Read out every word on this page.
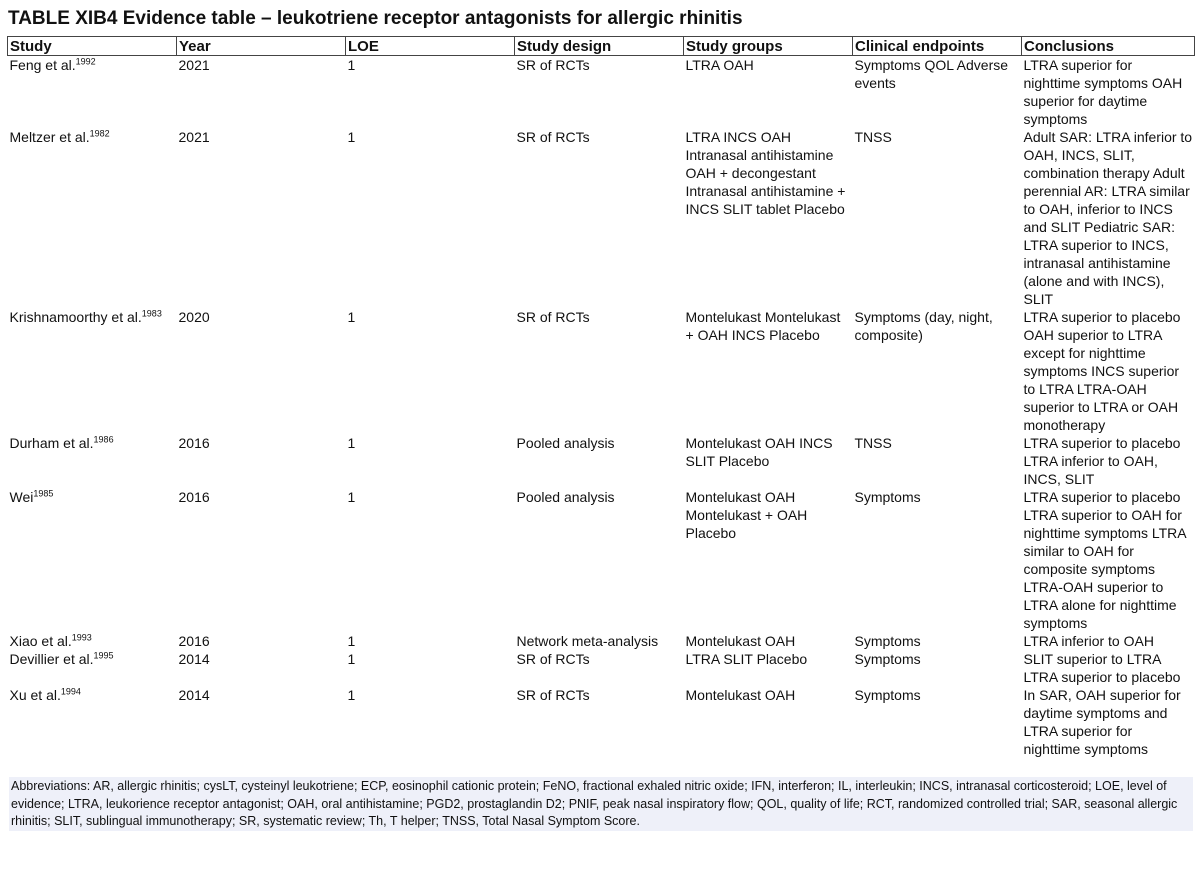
TABLE XIB4 Evidence table – leukotriene receptor antagonists for allergic rhinitis
Study	Year	LOE	Study design	Study groups	Clinical endpoints	Conclusions
Feng et al.$^{1992}$	2021	1	SR of RCTs	LTRA OAH	Symptoms QOL Adverse events	LTRA superior for nighttime symptoms OAH superior for daytime symptoms
Meltzer et al.$^{1982}$	2021	1	SR of RCTs	LTRA INCS OAH Intranasal antihistamine OAH + decongestant Intranasal antihistamine + INCS SLIT tablet Placebo	TNSS	Adult SAR: LTRA inferior to OAH, INCS, SLIT, combination therapy Adult perennial AR: LTRA similar to OAH, inferior to INCS and SLIT Pediatric SAR: LTRA superior to INCS, intranasal antihistamine (alone and with INCS), SLIT
Krishnamoorthy et al.$^{1983}$	2020	1	SR of RCTs	Montelukast Montelukast + OAH INCS Placebo	Symptoms (day, night, composite)	LTRA superior to placebo OAH superior to LTRA except for nighttime symptoms INCS superior to LTRA LTRA-OAH superior to LTRA or OAH monotherapy
Durham et al.$^{1986}$	2016	1	Pooled analysis	Montelukast OAH INCS SLIT Placebo	TNSS	LTRA superior to placebo LTRA inferior to OAH, INCS, SLIT
Wei$^{1985}$	2016	1	Pooled analysis	Montelukast OAH Montelukast + OAH Placebo	Symptoms	LTRA superior to placebo LTRA superior to OAH for nighttime symptoms LTRA similar to OAH for composite symptoms LTRA-OAH superior to LTRA alone for nighttime symptoms
Xiao et al.$^{1993}$	2016	1	Network meta-analysis	Montelukast OAH	Symptoms	LTRA inferior to OAH
Devillier et al.$^{1995}$	2014	1	SR of RCTs	LTRA SLIT Placebo	Symptoms	SLIT superior to LTRA LTRA superior to placebo
Xu et al.$^{1994}$	2014	1	SR of RCTs	Montelukast OAH	Symptoms	In SAR, OAH superior for daytime symptoms and LTRA superior for nighttime symptoms
Abbreviations: AR, allergic rhinitis; cysLT, cysteinyl leukotriene; ECP, eosinophil cationic protein; FeNO, fractional exhaled nitric oxide; IFN, interferon; IL, interleukin; INCS, intranasal corticosteroid; LOE, level of evidence; LTRA, leukorience receptor antagonist; OAH, oral antihistamine; PGD2, prostaglandin D2; PNIF, peak nasal inspiratory flow; QOL, quality of life; RCT, randomized controlled trial; SAR, seasonal allergic rhinitis; SLIT, sublingual immunotherapy; SR, systematic review; Th, T helper; TNSS, Total Nasal Symptom Score.
